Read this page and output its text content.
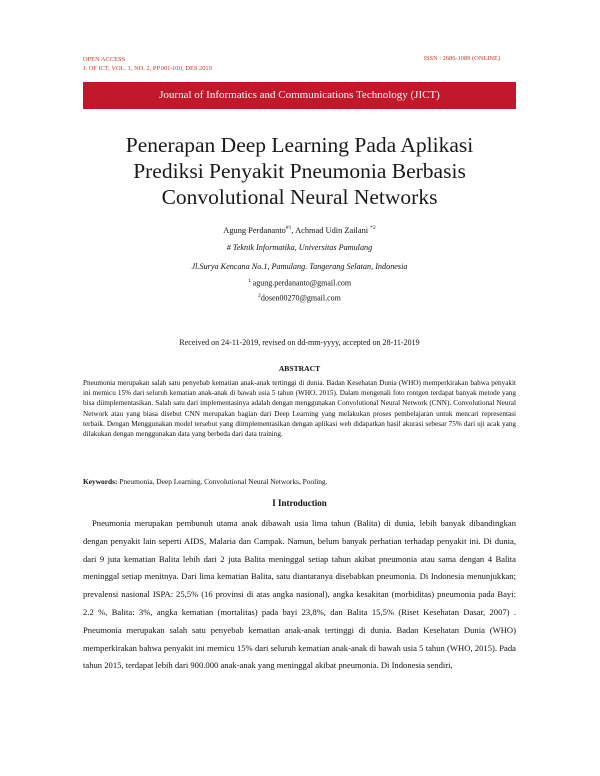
OPEN ACCESS
J. OF ICT, VOL. 1, NO. 2, PP.001-010, DES 2019
ISSN : 2686-1089 (ONLINE)
Journal of Informatics and Communications Technology (JICT)
Penerapan Deep Learning Pada Aplikasi
Prediksi Penyakit Pneumonia Berbasis
Convolutional Neural Networks
Agung Perdananto$^{\#1}$, Achmad Udin Zailani $^{*2}$
# Teknik Informatika, Universitas Pamulang
Jl.Surya Kencana No.1, Pamulang. Tangerang Selatan, Indonesia
$^1$ agung.perdananto@gmail.com
$^2$dosen00270@gmail.com
Received on 24-11-2019, revised on dd-mm-yyyy, accepted on 28-11-2019
ABSTRACT
Pneumonia merupakan salah satu penyebab kematian anak-anak tertinggi di dunia. Badan Kesehatan Dunia (WHO) memperkirakan bahwa penyakit ini memicu 15% dari seluruh kematian anak-anak di bawah usia 5 tahun (WHO, 2015). Dalam mengenali foto rontgen terdapat banyak metode yang bisa diimplementasikan. Salah satu dari implementasinya adalah dengan menggunakan Convolutional Neural Network (CNN). Convolutional Neural Network atau yang biasa disebut CNN merupakan bagian dari Deep Learning yang melakukan proses pembelajaran untuk mencari representasi terbaik. Dengan Menggunakan model tersebut yang diimplementasikan dengan aplikasi web didapatkan hasil akurasi sebesar 75% dari uji acak yang dilakukan dengan menggunakan data yang berbeda dari data training.
Keywords: Pneumonia, Deep Learning, Convolutional Neural Networks, Pooling.
I Introduction
Pneumonia merupakan pembunuh utama anak dibawah usia lima tahun (Balita) di dunia, lebih banyak dibandingkan dengan penyakit lain seperti AIDS, Malaria dan Campak. Namun, belum banyak perhatian terhadap penyakit ini. Di dunia, dari 9 juta kematian Balita lebih dari 2 juta Balita meninggal setiap tahun akibat pneumonia atau sama dengan 4 Balita meninggal setiap menitnya. Dari lima kematian Balita, satu diantaranya disebabkan pneumonia. Di Indonesia menunjukkan; prevalensi nasional ISPA: 25,5% (16 provinsi di atas angka nasional), angka kesakitan (morbiditas) pneumonia pada Bayi: 2.2 %, Balita: 3%, angka kematian (mortalitas) pada bayi 23,8%, dan Balita 15,5% (Riset Kesehatan Dasar, 2007) . Pneumonia merupakan salah satu penyebab kematian anak-anak tertinggi di dunia. Badan Kesehatan Dunia (WHO) memperkirakan bahwa penyakit ini memicu 15% dari seluruh kematian anak-anak di bawah usia 5 tahun (WHO, 2015). Pada tahun 2015, terdapat lebih dari 900.000 anak-anak yang meninggal akibat pneumonia. Di Indonesia sendiri,
